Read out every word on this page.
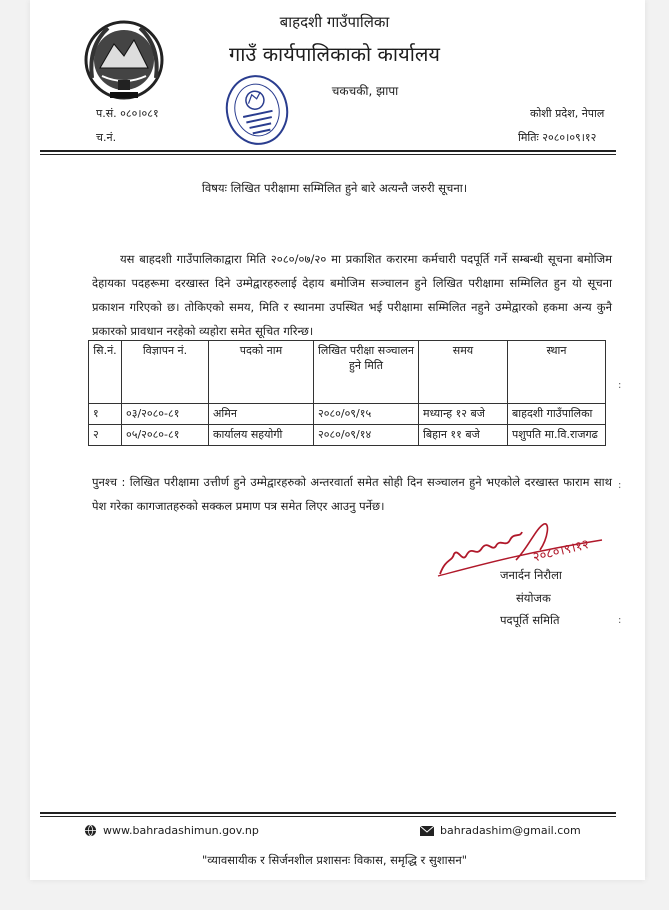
बाहदशी गाउँपालिका
गाउँ कार्यपालिकाको कार्यालय
चकचकी, झापा
प.सं. ०८०।०८१
च.नं.
कोशी प्रदेश, नेपाल
मितिः २०८०।०९।१२
विषयः लिखित परीक्षामा सम्मिलित हुने बारे अत्यन्तै जरुरी सूचना।
यस बाहदशी गाउँपालिकाद्वारा मिति २०८०/०७/२० मा प्रकाशित करारमा कर्मचारी पदपूर्ति गर्ने सम्बन्धी सूचना बमोजिम देहायका पदहरूमा दरखास्त दिने उम्मेद्वारहरुलाई देहाय बमोजिम सञ्चालन हुने लिखित परीक्षामा सम्मिलित हुन यो सूचना प्रकाशन गरिएको छ। तोकिएको समय, मिति र स्थानमा उपस्थित भई परीक्षामा सम्मिलित नहुने उम्मेद्वारको हकमा अन्य कुनै प्रकारको प्रावधान नरहेको व्यहोरा समेत सूचित गरिन्छ।
सि.नं.	विज्ञापन नं.	पदको नाम	लिखित परीक्षा सञ्चालन हुने मिति	समय	स्थान
१	०३/२०८०-८१	अमिन	२०८०/०९/१५	मध्यान्ह १२ बजे	बाहदशी गाउँपालिका
२	०५/२०८०-८१	कार्यालय सहयोगी	२०८०/०९/१४	बिहान ११ बजे	पशुपति मा.वि.राजगढ
पुनश्च : लिखित परीक्षामा उत्तीर्ण हुने उम्मेद्वारहरुको अन्तरवार्ता समेत सोही दिन सञ्चालन हुने भएकोले दरखास्त फाराम साथ पेश गरेका कागजातहरुको सक्कल प्रमाण पत्र समेत लिएर आउनु पर्नेछ।
२०८०।९।१२
जनार्दन निरौला
संयोजक
पदपूर्ति समिति
:
:
:
www.bahradashimun.gov.np	bahradashim@gmail.com
"व्यावसायीक र सिर्जनशील प्रशासनः विकास, समृद्धि र सुशासन"
